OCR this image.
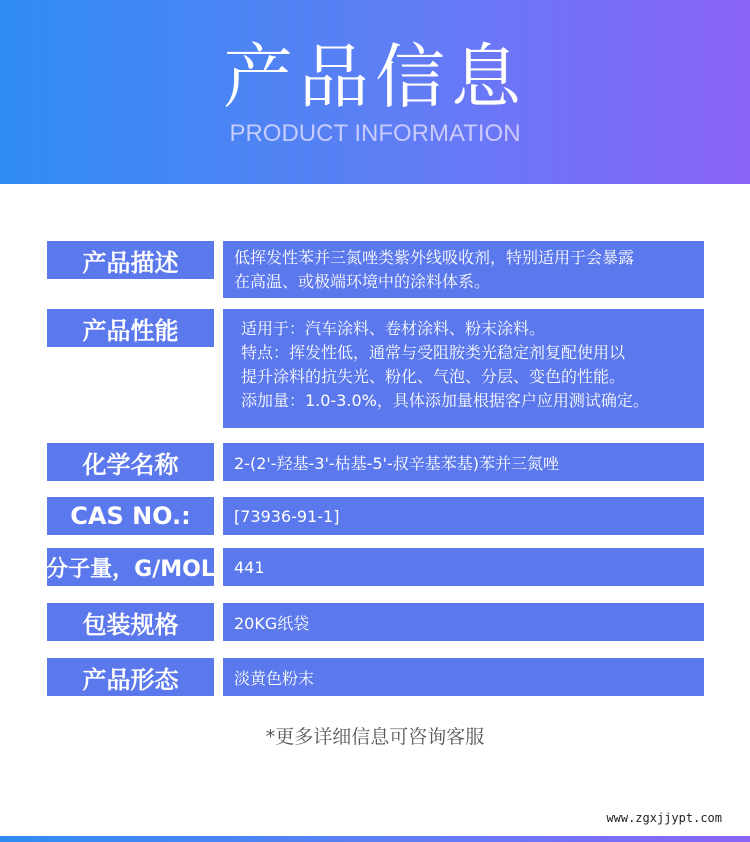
产品信息
PRODUCT INFORMATION
产品描述	低挥发性苯并三氮唑类紫外线吸收剂，特别适用于会暴露
在高温、或极端环境中的涂料体系。
产品性能	适用于：汽车涂料、卷材涂料、粉末涂料。
特点：挥发性低，通常与受阻胺类光稳定剂复配使用以
提升涂料的抗失光、粉化、气泡、分层、变色的性能。
添加量：1.0-3.0%，具体添加量根据客户应用测试确定。
化学名称	2-(2'-羟基-3'-枯基-5'-叔辛基苯基)苯并三氮唑
CAS NO.:	[73936-91-1]
分子量，G/MOL	441
包装规格	20KG纸袋
产品形态	淡黄色粉末
*更多详细信息可咨询客服
www.zgxjjypt.com
